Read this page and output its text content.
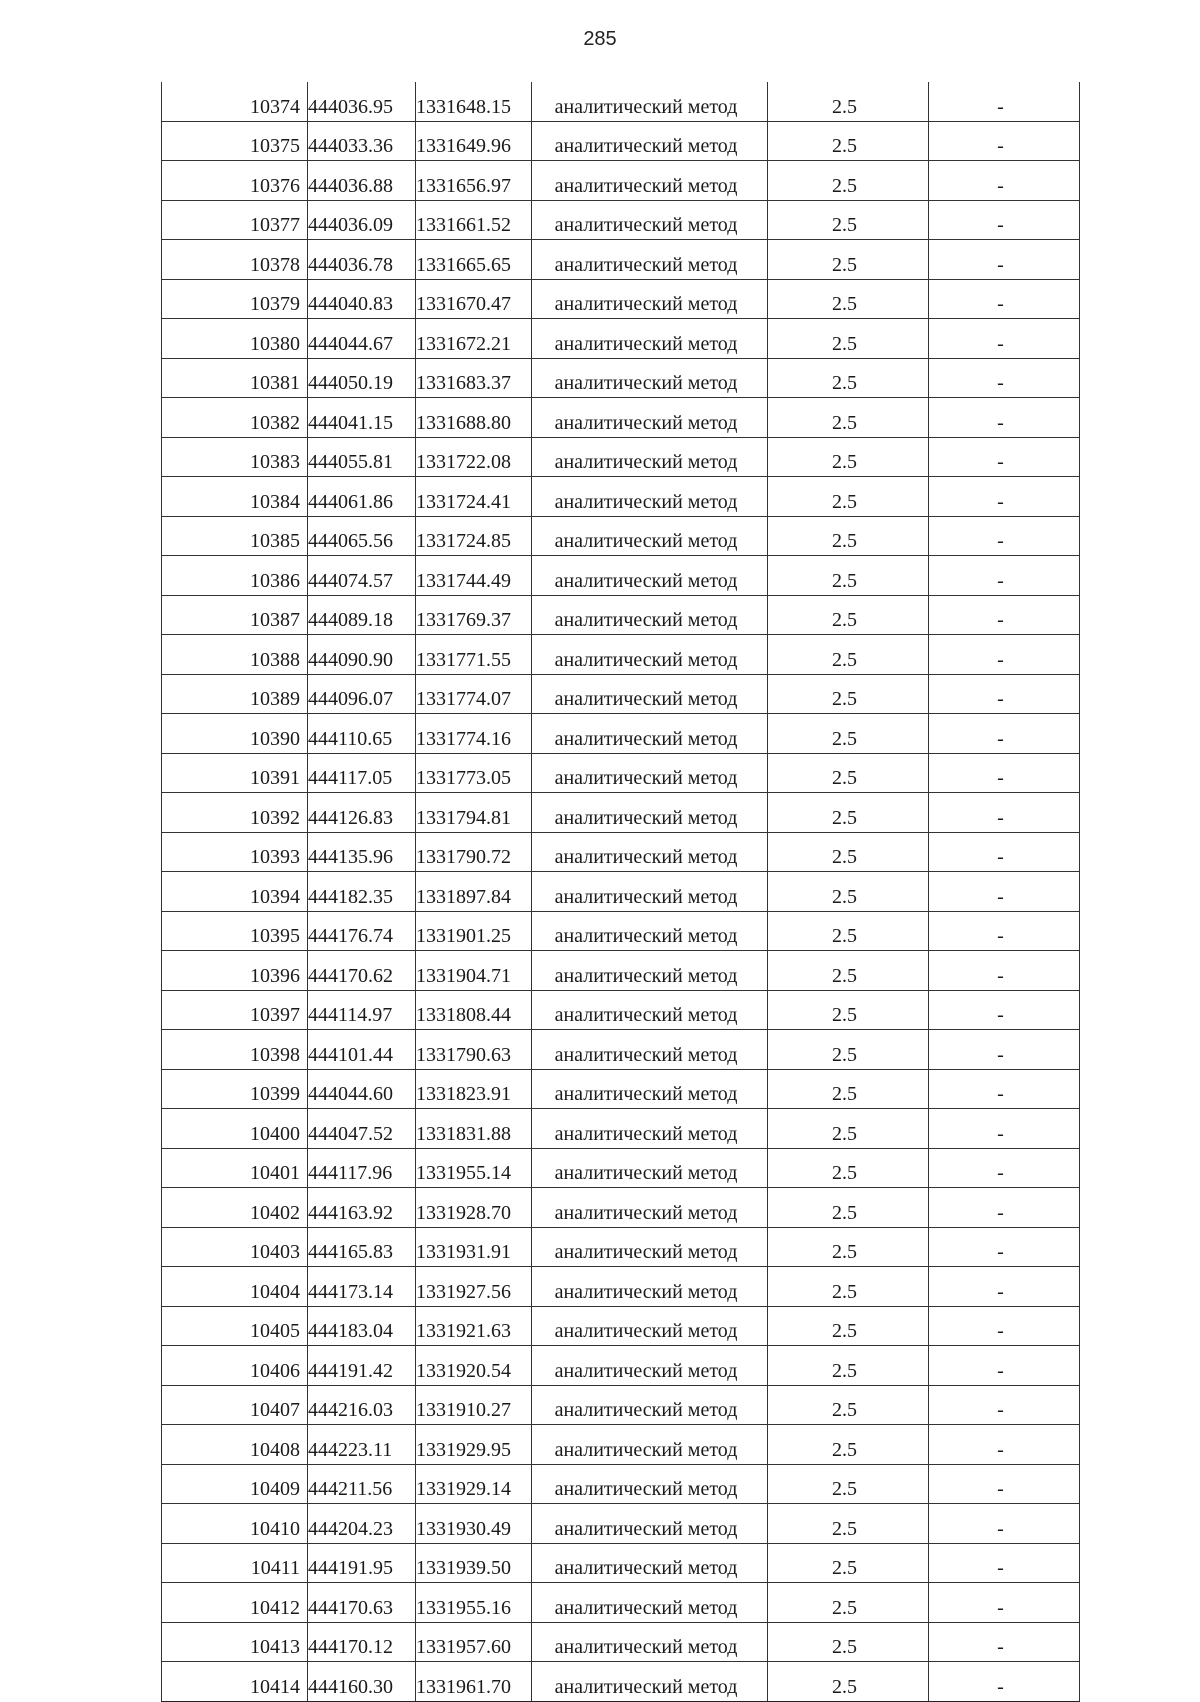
285
10374	444036.95	1331648.15	аналитический метод	2.5	-
10375	444033.36	1331649.96	аналитический метод	2.5	-
10376	444036.88	1331656.97	аналитический метод	2.5	-
10377	444036.09	1331661.52	аналитический метод	2.5	-
10378	444036.78	1331665.65	аналитический метод	2.5	-
10379	444040.83	1331670.47	аналитический метод	2.5	-
10380	444044.67	1331672.21	аналитический метод	2.5	-
10381	444050.19	1331683.37	аналитический метод	2.5	-
10382	444041.15	1331688.80	аналитический метод	2.5	-
10383	444055.81	1331722.08	аналитический метод	2.5	-
10384	444061.86	1331724.41	аналитический метод	2.5	-
10385	444065.56	1331724.85	аналитический метод	2.5	-
10386	444074.57	1331744.49	аналитический метод	2.5	-
10387	444089.18	1331769.37	аналитический метод	2.5	-
10388	444090.90	1331771.55	аналитический метод	2.5	-
10389	444096.07	1331774.07	аналитический метод	2.5	-
10390	444110.65	1331774.16	аналитический метод	2.5	-
10391	444117.05	1331773.05	аналитический метод	2.5	-
10392	444126.83	1331794.81	аналитический метод	2.5	-
10393	444135.96	1331790.72	аналитический метод	2.5	-
10394	444182.35	1331897.84	аналитический метод	2.5	-
10395	444176.74	1331901.25	аналитический метод	2.5	-
10396	444170.62	1331904.71	аналитический метод	2.5	-
10397	444114.97	1331808.44	аналитический метод	2.5	-
10398	444101.44	1331790.63	аналитический метод	2.5	-
10399	444044.60	1331823.91	аналитический метод	2.5	-
10400	444047.52	1331831.88	аналитический метод	2.5	-
10401	444117.96	1331955.14	аналитический метод	2.5	-
10402	444163.92	1331928.70	аналитический метод	2.5	-
10403	444165.83	1331931.91	аналитический метод	2.5	-
10404	444173.14	1331927.56	аналитический метод	2.5	-
10405	444183.04	1331921.63	аналитический метод	2.5	-
10406	444191.42	1331920.54	аналитический метод	2.5	-
10407	444216.03	1331910.27	аналитический метод	2.5	-
10408	444223.11	1331929.95	аналитический метод	2.5	-
10409	444211.56	1331929.14	аналитический метод	2.5	-
10410	444204.23	1331930.49	аналитический метод	2.5	-
10411	444191.95	1331939.50	аналитический метод	2.5	-
10412	444170.63	1331955.16	аналитический метод	2.5	-
10413	444170.12	1331957.60	аналитический метод	2.5	-
10414	444160.30	1331961.70	аналитический метод	2.5	-
